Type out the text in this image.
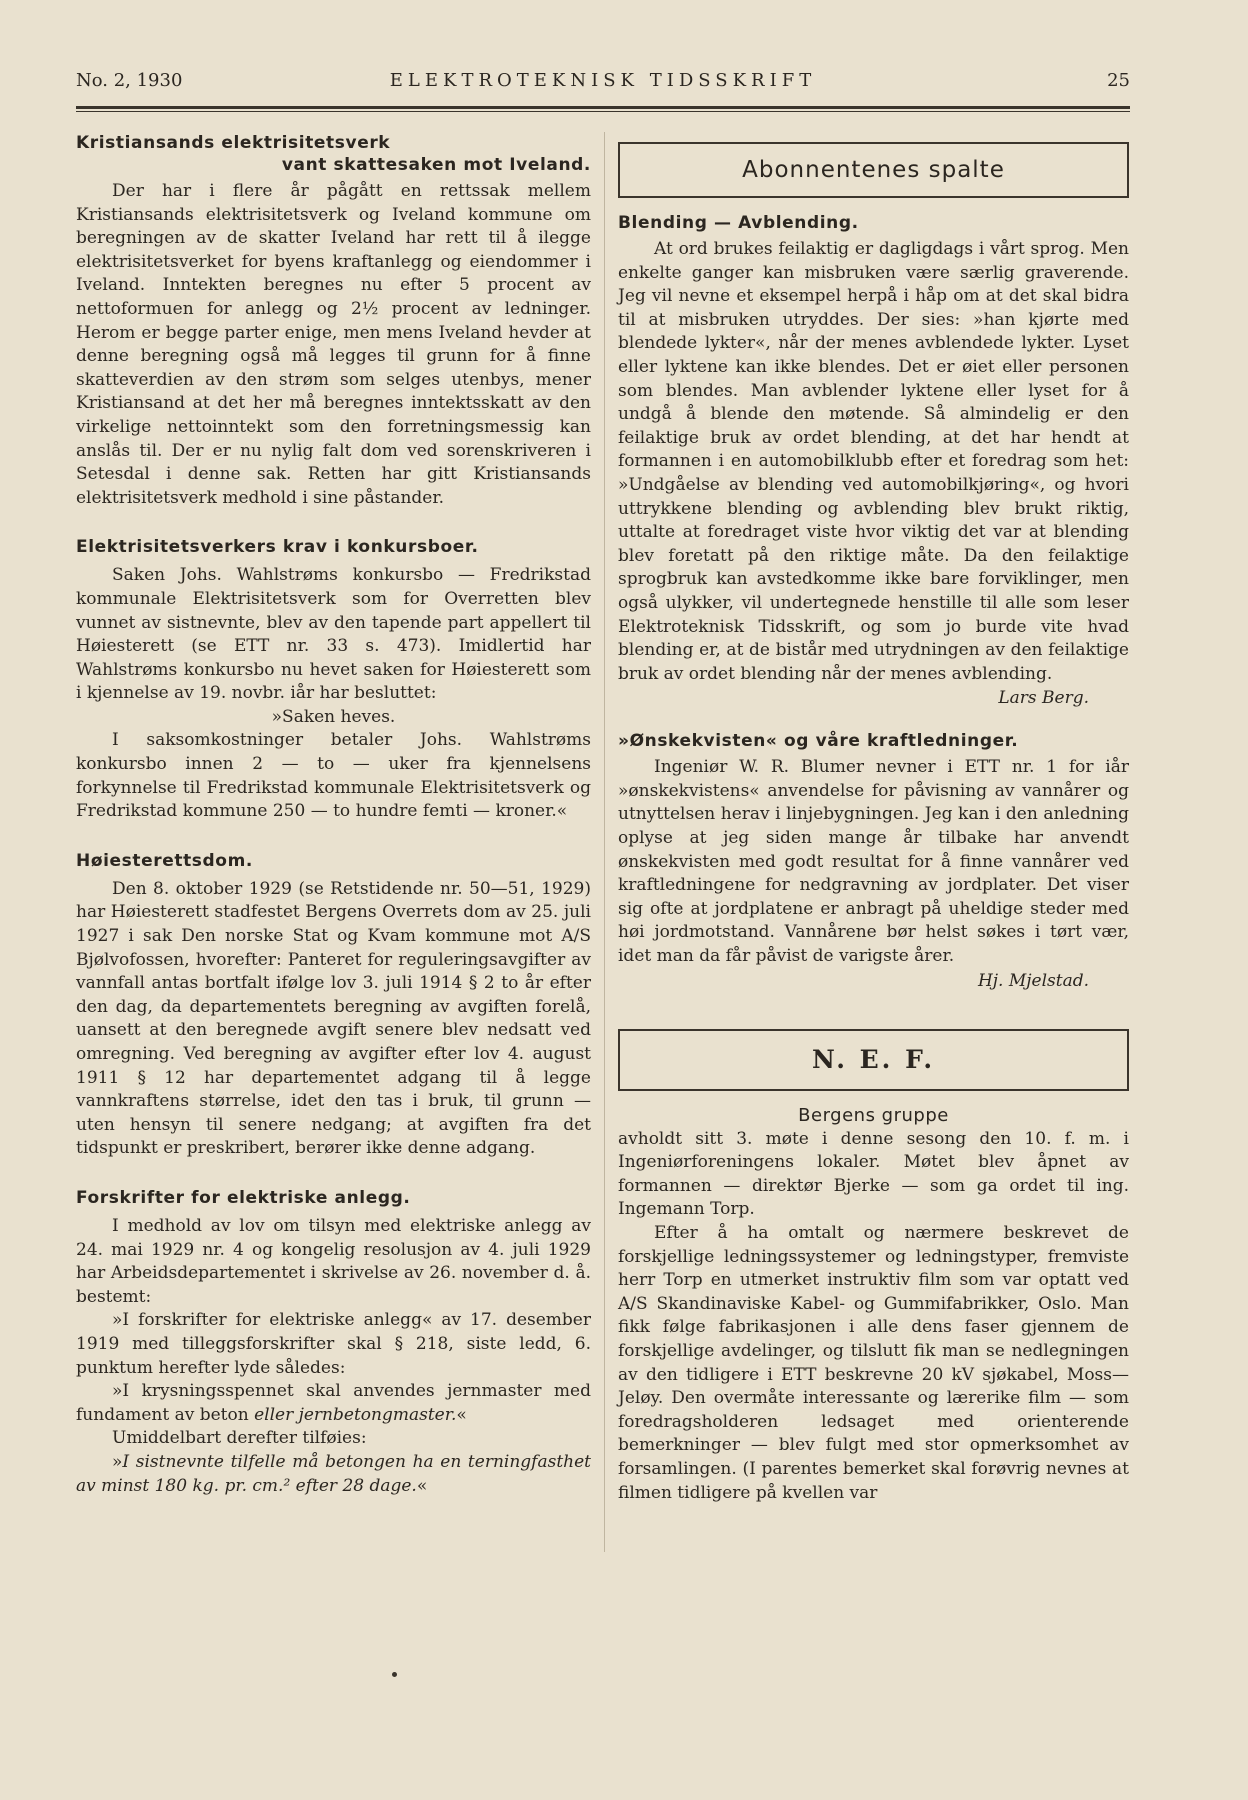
No. 2, 1930	ELEKTROTEKNISK TIDSSKRIFT	25

Kristiansands elektrisitetsverk

vant skattesaken mot Iveland.

Der har i flere år pågått en rettssak mellem Kristiansands elektrisitetsverk og Iveland kommune om beregningen av de skatter Iveland har rett til å ilegge elektrisitetsverket for byens kraftanlegg og eiendommer i Iveland. Inntekten beregnes nu efter 5 procent av nettoformuen for anlegg og 2½ procent av ledninger. Herom er begge parter enige, men mens Iveland hevder at denne beregning også må legges til grunn for å finne skatteverdien av den strøm som selges utenbys, mener Kristiansand at det her må beregnes inntektsskatt av den virkelige nettoinntekt som den forretningsmessig kan anslås til. Der er nu nylig falt dom ved sorenskriveren i Setesdal i denne sak. Retten har gitt Kristiansands elektrisitetsverk medhold i sine påstander.

Elektrisitetsverkers krav i konkursboer.

Saken Johs. Wahlstrøms konkursbo — Fredrikstad kommunale Elektrisitetsverk som for Overretten blev vunnet av sistnevnte, blev av den tapende part appellert til Høiesterett (se ETT nr. 33 s. 473). Imidlertid har Wahlstrøms konkursbo nu hevet saken for Høiesterett som i kjennelse av 19. novbr. iår har besluttet:

»Saken heves.

I saksomkostninger betaler Johs. Wahlstrøms konkursbo innen 2 — to — uker fra kjennelsens forkynnelse til Fredrikstad kommunale Elektrisitetsverk og Fredrikstad kommune 250 — to hundre femti — kroner.«

Høiesterettsdom.

Den 8. oktober 1929 (se Retstidende nr. 50—51, 1929) har Høiesterett stadfestet Bergens Overrets dom av 25. juli 1927 i sak Den norske Stat og Kvam kommune mot A/S Bjølvofossen, hvorefter: Panteret for reguleringsavgifter av vannfall antas bortfalt ifølge lov 3. juli 1914 § 2 to år efter den dag, da departementets beregning av avgiften forelå, uansett at den beregnede avgift senere blev nedsatt ved omregning. Ved beregning av avgifter efter lov 4. august 1911 § 12 har departementet adgang til å legge vannkraftens størrelse, idet den tas i bruk, til grunn — uten hensyn til senere nedgang; at avgiften fra det tidspunkt er preskribert, berører ikke denne adgang.

Forskrifter for elektriske anlegg.

I medhold av lov om tilsyn med elektriske anlegg av 24. mai 1929 nr. 4 og kongelig resolusjon av 4. juli 1929 har Arbeidsdepartementet i skrivelse av 26. november d. å. bestemt:

»I forskrifter for elektriske anlegg« av 17. desember 1919 med tilleggsforskrifter skal § 218, siste ledd, 6. punktum herefter lyde således:

»I krysningsspennet skal anvendes jernmaster med fundament av beton eller jernbetongmaster.«

Umiddelbart derefter tilføies:

»I sistnevnte tilfelle må betongen ha en terningfasthet av minst 180 kg. pr. cm.² efter 28 dage.«

Abonnentenes spalte

Blending — Avblending.

At ord brukes feilaktig er dagligdags i vårt sprog. Men enkelte ganger kan misbruken være særlig graverende. Jeg vil nevne et eksempel herpå i håp om at det skal bidra til at misbruken utryddes. Der sies: »han kjørte med blendede lykter«, når der menes avblendede lykter. Lyset eller lyktene kan ikke blendes. Det er øiet eller personen som blendes. Man avblender lyktene eller lyset for å undgå å blende den møtende. Så almindelig er den feilaktige bruk av ordet blending, at det har hendt at formannen i en automobilklubb efter et foredrag som het: »Undgåelse av blending ved automobilkjøring«, og hvori uttrykkene blending og avblending blev brukt riktig, uttalte at foredraget viste hvor viktig det var at blending blev foretatt på den riktige måte. Da den feilaktige sprogbruk kan avstedkomme ikke bare forviklinger, men også ulykker, vil undertegnede henstille til alle som leser Elektroteknisk Tidsskrift, og som jo burde vite hvad blending er, at de bistår med utrydningen av den feilaktige bruk av ordet blending når der menes avblending.

Lars Berg.

»Ønskekvisten« og våre kraftledninger.

Ingeniør W. R. Blumer nevner i ETT nr. 1 for iår »ønskekvistens« anvendelse for påvisning av vannårer og utnyttelsen herav i linjebygningen. Jeg kan i den anledning oplyse at jeg siden mange år tilbake har anvendt ønskekvisten med godt resultat for å finne vannårer ved kraftledningene for nedgravning av jordplater. Det viser sig ofte at jordplatene er anbragt på uheldige steder med høi jordmotstand. Vannårene bør helst søkes i tørt vær, idet man da får påvist de varigste årer.

Hj. Mjelstad.

N. E. F.

Bergens gruppe

avholdt sitt 3. møte i denne sesong den 10. f. m. i Ingeniørforeningens lokaler. Møtet blev åpnet av formannen — direktør Bjerke — som ga ordet til ing. Ingemann Torp.

Efter å ha omtalt og nærmere beskrevet de forskjellige ledningssystemer og ledningstyper, fremviste herr Torp en utmerket instruktiv film som var optatt ved A/S Skandinaviske Kabel- og Gummifabrikker, Oslo. Man fikk følge fabrikasjonen i alle dens faser gjennem de forskjellige avdelinger, og tilslutt fik man se nedlegningen av den tidligere i ETT beskrevne 20 kV sjøkabel, Moss—Jeløy. Den overmåte interessante og lærerike film — som foredragsholderen ledsaget med orienterende bemerkninger — blev fulgt med stor opmerksomhet av forsamlingen. (I parentes bemerket skal forøvrig nevnes at filmen tidligere på kvellen var
